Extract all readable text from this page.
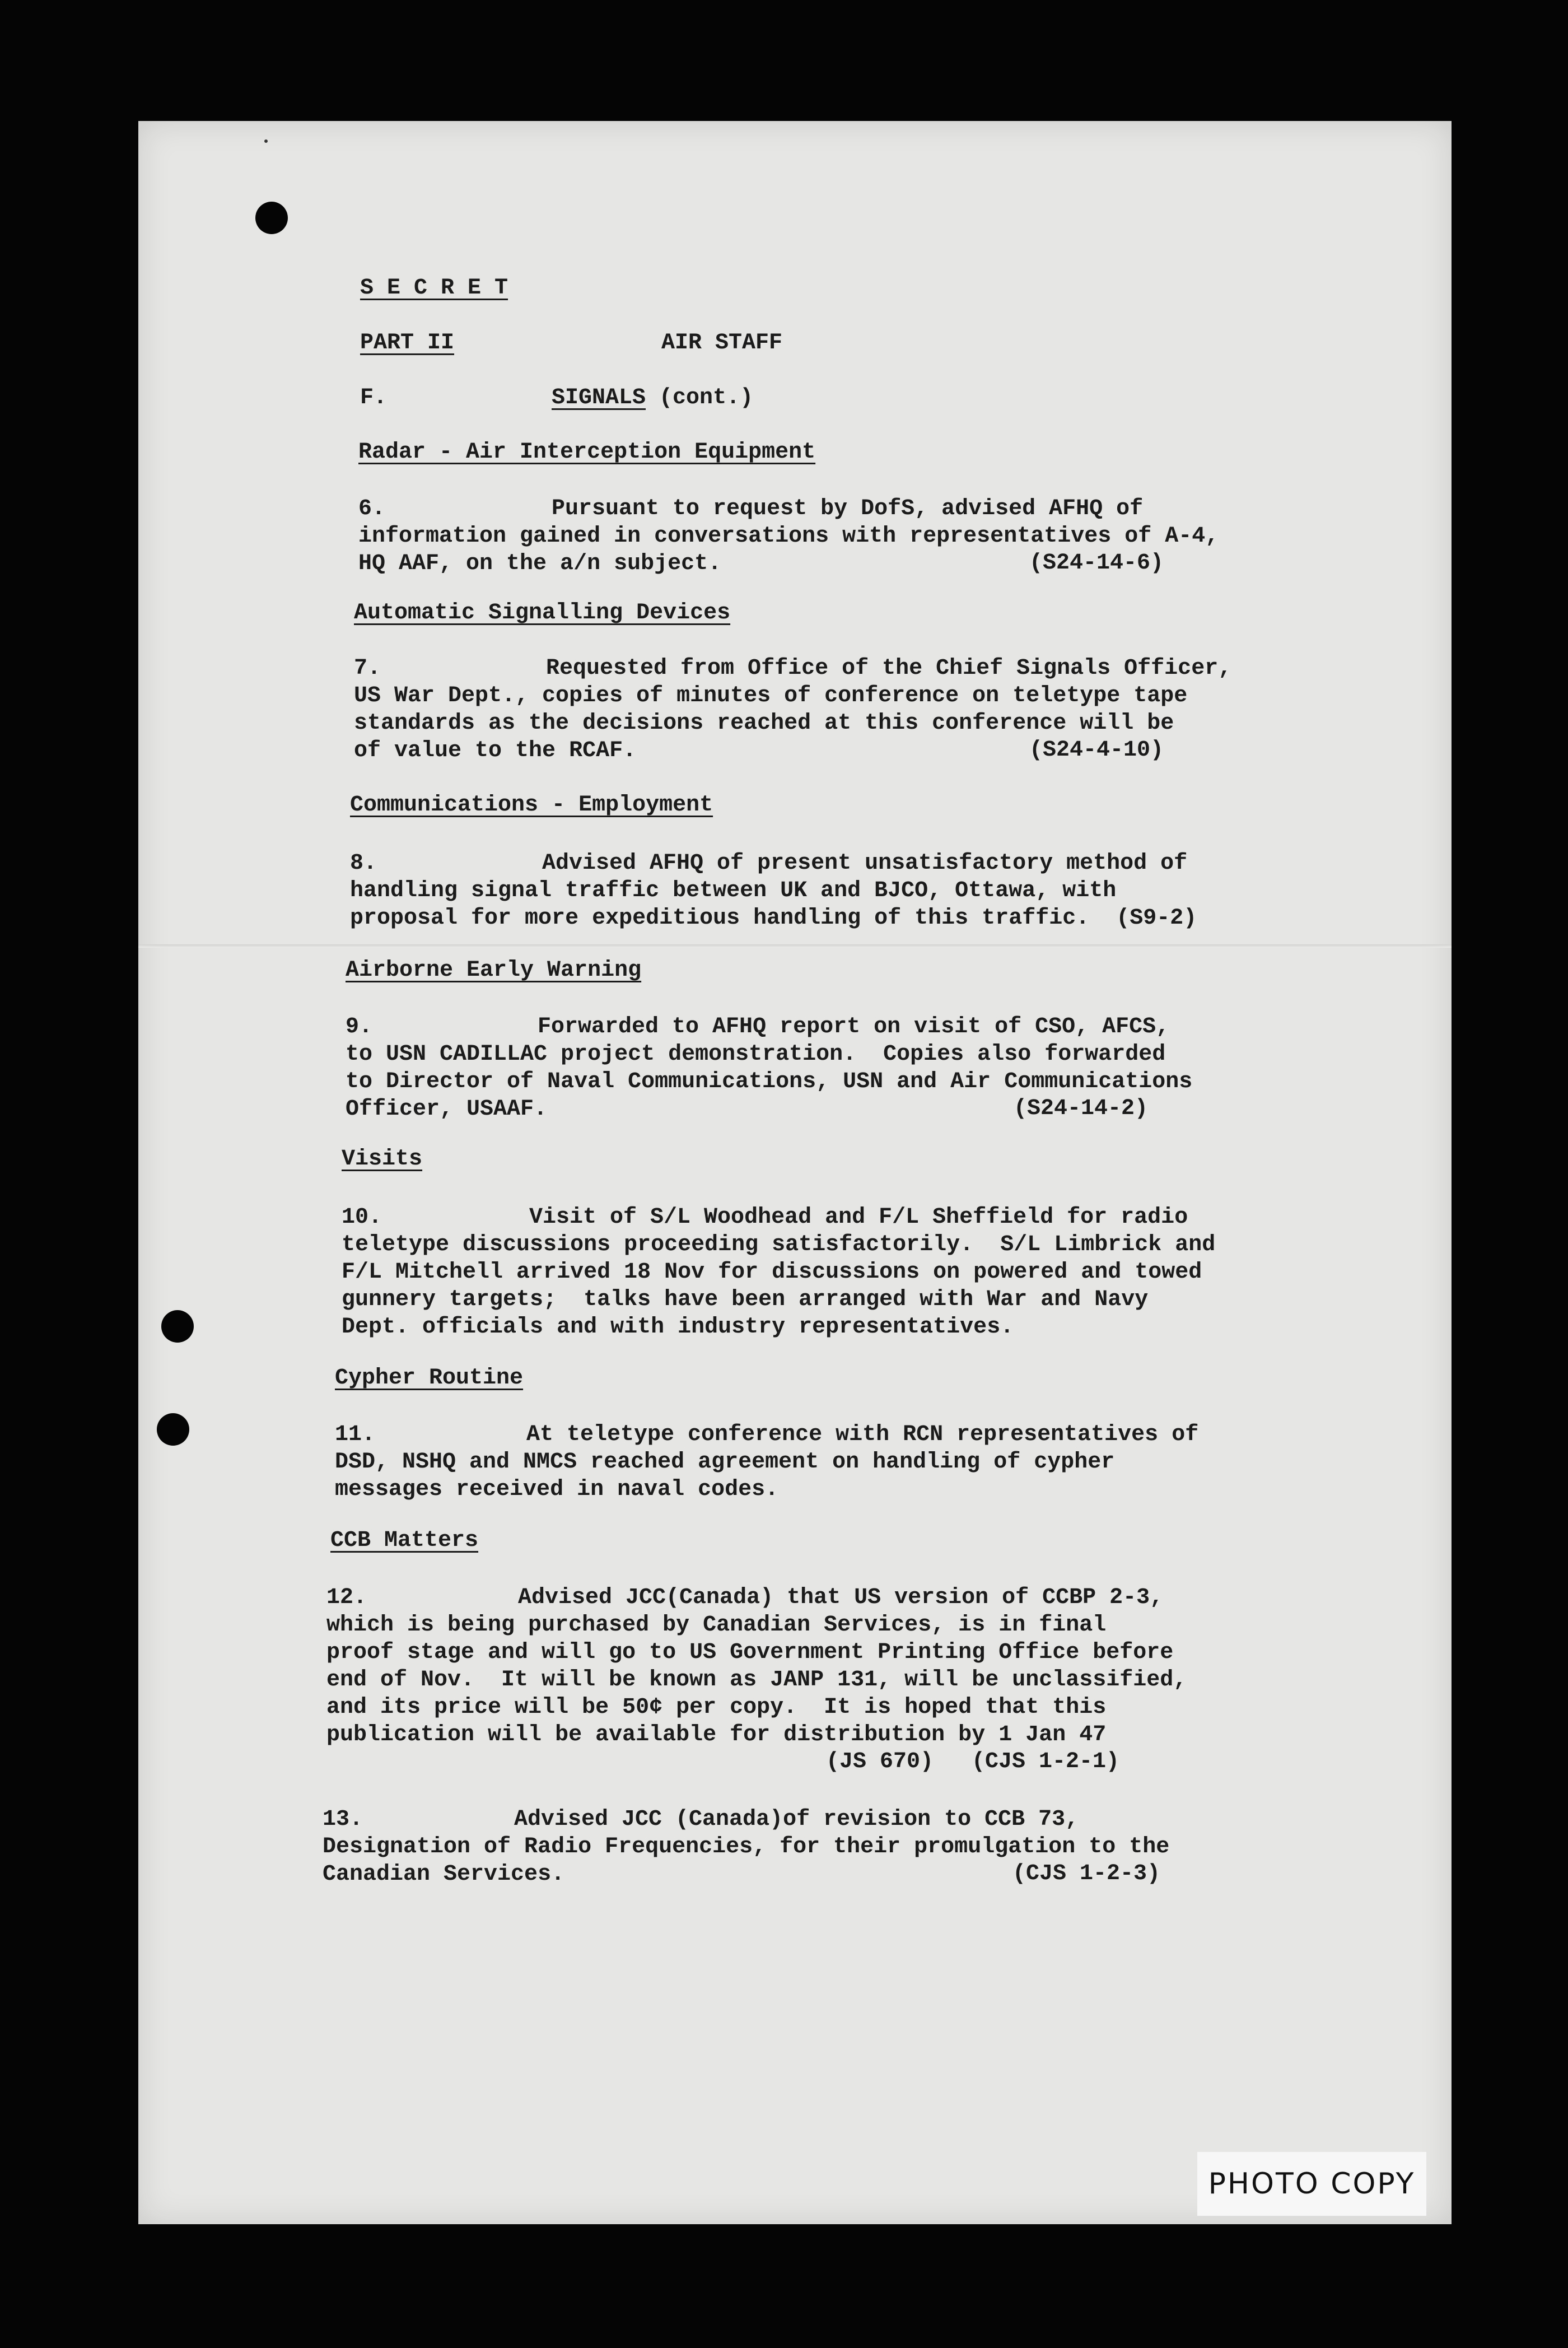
S E C R E T
PART II	AIR STAFF
F.	SIGNALS (cont.)
Radar - Air Interception Equipment
6.	Pursuant to request by DofS, advised AFHQ of
information gained in conversations with representatives of A-4,
HQ AAF, on the a/n subject.	(S24-14-6)
Automatic Signalling Devices
7.	Requested from Office of the Chief Signals Officer,
US War Dept., copies of minutes of conference on teletype tape
standards as the decisions reached at this conference will be
of value to the RCAF.	(S24-4-10)
Communications - Employment
8.	Advised AFHQ of present unsatisfactory method of
handling signal traffic between UK and BJCO, Ottawa, with
proposal for more expeditious handling of this traffic.  (S9-2)
Airborne Early Warning
9.	Forwarded to AFHQ report on visit of CSO, AFCS,
to USN CADILLAC project demonstration.  Copies also forwarded
to Director of Naval Communications, USN and Air Communications
Officer, USAAF.	(S24-14-2)
Visits
10.	Visit of S/L Woodhead and F/L Sheffield for radio
teletype discussions proceeding satisfactorily.  S/L Limbrick and
F/L Mitchell arrived 18 Nov for discussions on powered and towed
gunnery targets;  talks have been arranged with War and Navy
Dept. officials and with industry representatives.
Cypher Routine
11.	At teletype conference with RCN representatives of
DSD, NSHQ and NMCS reached agreement on handling of cypher
messages received in naval codes.
CCB Matters
12.	Advised JCC(Canada) that US version of CCBP 2-3,
which is being purchased by Canadian Services, is in final
proof stage and will go to US Government Printing Office before
end of Nov.  It will be known as JANP 131, will be unclassified,
and its price will be 50¢ per copy.  It is hoped that this
publication will be available for distribution by 1 Jan 47
(JS 670) (CJS 1-2-1)
13.	Advised JCC (Canada)of revision to CCB 73,
Designation of Radio Frequencies, for their promulgation to the
Canadian Services.	(CJS 1-2-3)
PHOTO COPY
